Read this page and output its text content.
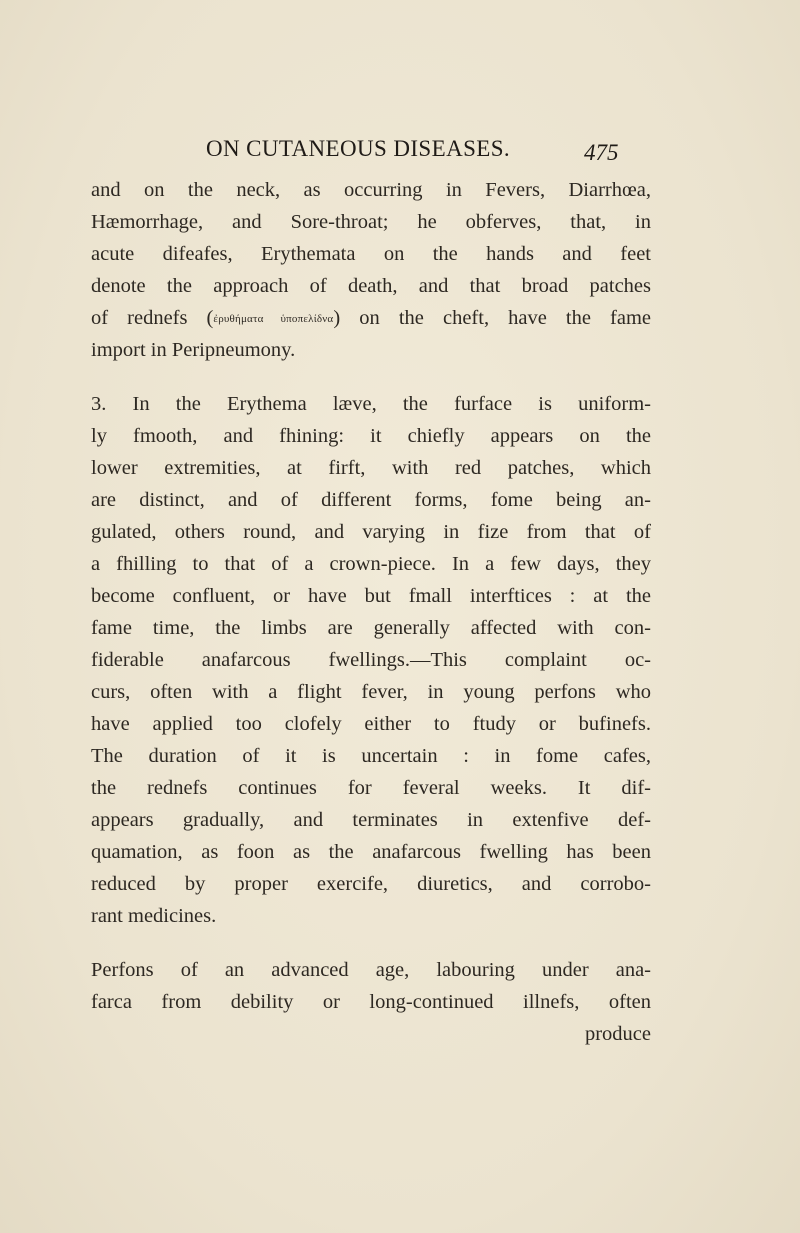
ON CUTANEOUS DISEASES.	475
and on the neck, as occurring in Fevers, Diarrhœa,
Hæmorrhage, and Sore-throat; he obferves, that, in
acute difeafes, Erythemata on the hands and feet
denote the approach of death, and that broad patches
of rednefs (ἐρυθήματα ὑποπελίδνα) on the cheft, have the fame
import in Peripneumony.
3. In the Erythema læve, the furface is uniform-
ly fmooth, and fhining: it chiefly appears on the
lower extremities, at firft, with red patches, which
are distinct, and of different forms, fome being an-
gulated, others round, and varying in fize from that of
a fhilling to that of a crown-piece. In a few days, they
become confluent, or have but fmall interftices : at the
fame time, the limbs are generally affected with con-
fiderable anafarcous fwellings.—This complaint oc-
curs, often with a flight fever, in young perfons who
have applied too clofely either to ftudy or bufinefs.
The duration of it is uncertain : in fome cafes,
the rednefs continues for feveral weeks. It dif-
appears gradually, and terminates in extenfive def-
quamation, as foon as the anafarcous fwelling has been
reduced by proper exercife, diuretics, and corrobo-
rant medicines.
Perfons of an advanced age, labouring under ana-
farca from debility or long-continued illnefs, often
produce
